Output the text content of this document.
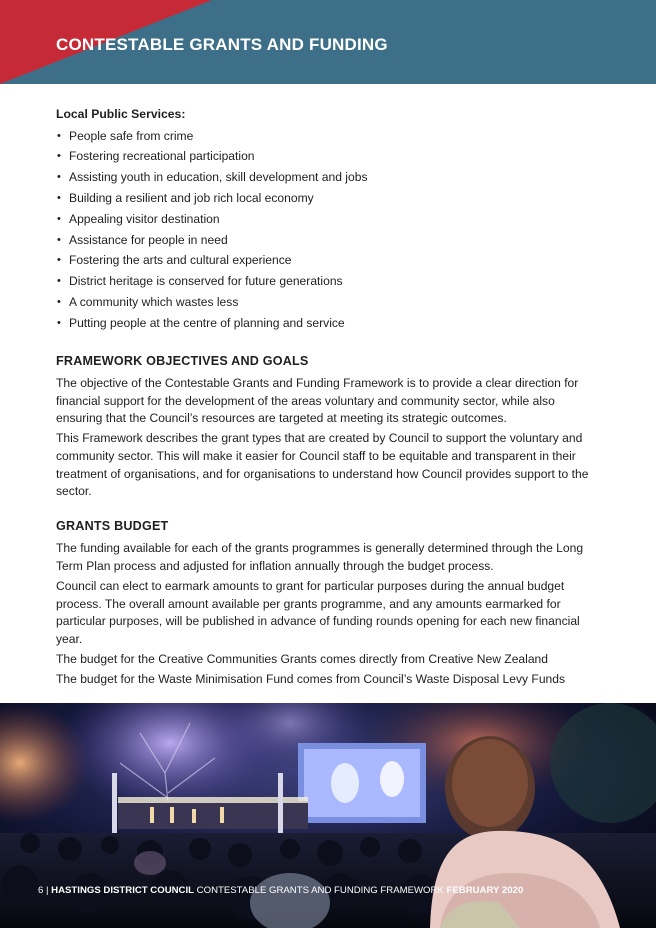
CONTESTABLE GRANTS AND FUNDING
Local Public Services:
• People safe from crime
• Fostering recreational participation
• Assisting youth in education, skill development and jobs
• Building a resilient and job rich local economy
• Appealing visitor destination
• Assistance for people in need
• Fostering the arts and cultural experience
• District heritage is conserved for future generations
• A community which wastes less
• Putting people at the centre of planning and service
FRAMEWORK OBJECTIVES AND GOALS

The objective of the Contestable Grants and Funding Framework is to provide a clear direction for financial support for the development of the areas voluntary and community sector, while also ensuring that the Council’s resources are targeted at meeting its strategic outcomes.

This Framework describes the grant types that are created by Council to support the voluntary and community sector. This will make it easier for Council staff to be equitable and transparent in their treatment of organisations, and for organisations to understand how Council provides support to the sector.

GRANTS BUDGET

The funding available for each of the grants programmes is generally determined through the Long Term Plan process and adjusted for inflation annually through the budget process.

Council can elect to earmark amounts to grant for particular purposes during the annual budget process. The overall amount available per grants programme, and any amounts earmarked for particular purposes, will be published in advance of funding rounds opening for each new financial year.

The budget for the Creative Communities Grants comes directly from Creative New Zealand

The budget for the Waste Minimisation Fund comes from Council’s Waste Disposal Levy Funds

6 | HASTINGS DISTRICT COUNCIL CONTESTABLE GRANTS AND FUNDING FRAMEWORK FEBRUARY 2020
